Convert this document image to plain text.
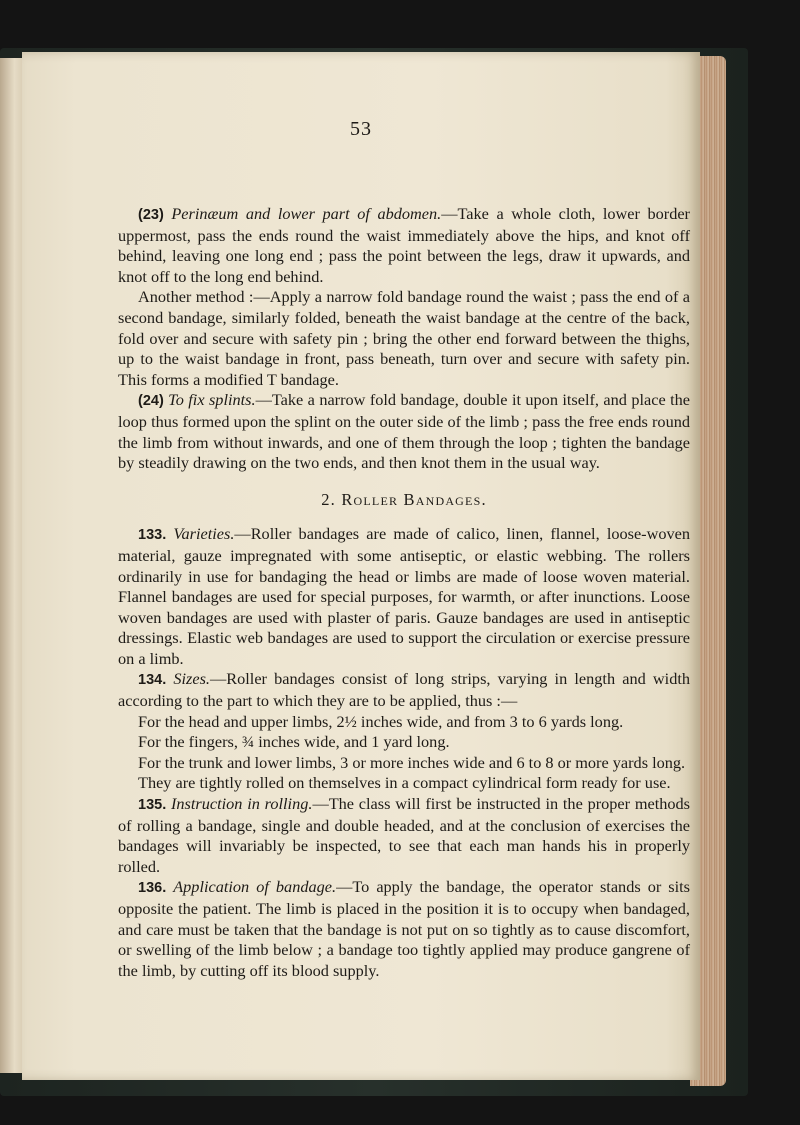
53

(23) Perinæum and lower part of abdomen.—Take a whole cloth, lower border uppermost, pass the ends round the waist immediately above the hips, and knot off behind, leaving one long end ; pass the point between the legs, draw it upwards, and knot off to the long end behind.

Another method :—Apply a narrow fold bandage round the waist ; pass the end of a second bandage, similarly folded, beneath the waist bandage at the centre of the back, fold over and secure with safety pin ; bring the other end forward between the thighs, up to the waist bandage in front, pass beneath, turn over and secure with safety pin. This forms a modified T bandage.

(24) To fix splints.—Take a narrow fold bandage, double it upon itself, and place the loop thus formed upon the splint on the outer side of the limb ; pass the free ends round the limb from without inwards, and one of them through the loop ; tighten the bandage by steadily drawing on the two ends, and then knot them in the usual way.

2. Roller Bandages.

133. Varieties.—Roller bandages are made of calico, linen, flannel, loose-woven material, gauze impregnated with some antiseptic, or elastic webbing. The rollers ordinarily in use for bandaging the head or limbs are made of loose woven material. Flannel bandages are used for special purposes, for warmth, or after inunctions. Loose woven bandages are used with plaster of paris. Gauze bandages are used in antiseptic dressings. Elastic web bandages are used to support the circulation or exercise pressure on a limb.

134. Sizes.—Roller bandages consist of long strips, varying in length and width according to the part to which they are to be applied, thus :—

For the head and upper limbs, 2½ inches wide, and from 3 to 6 yards long.

For the fingers, ¾ inches wide, and 1 yard long.

For the trunk and lower limbs, 3 or more inches wide and 6 to 8 or more yards long.

They are tightly rolled on themselves in a compact cylindrical form ready for use.

135. Instruction in rolling.—The class will first be instructed in the proper methods of rolling a bandage, single and double headed, and at the conclusion of exercises the bandages will invariably be inspected, to see that each man hands his in properly rolled.

136. Application of bandage.—To apply the bandage, the operator stands or sits opposite the patient. The limb is placed in the position it is to occupy when bandaged, and care must be taken that the bandage is not put on so tightly as to cause discomfort, or swelling of the limb below ; a bandage too tightly applied may produce gangrene of the limb, by cutting off its blood supply.
